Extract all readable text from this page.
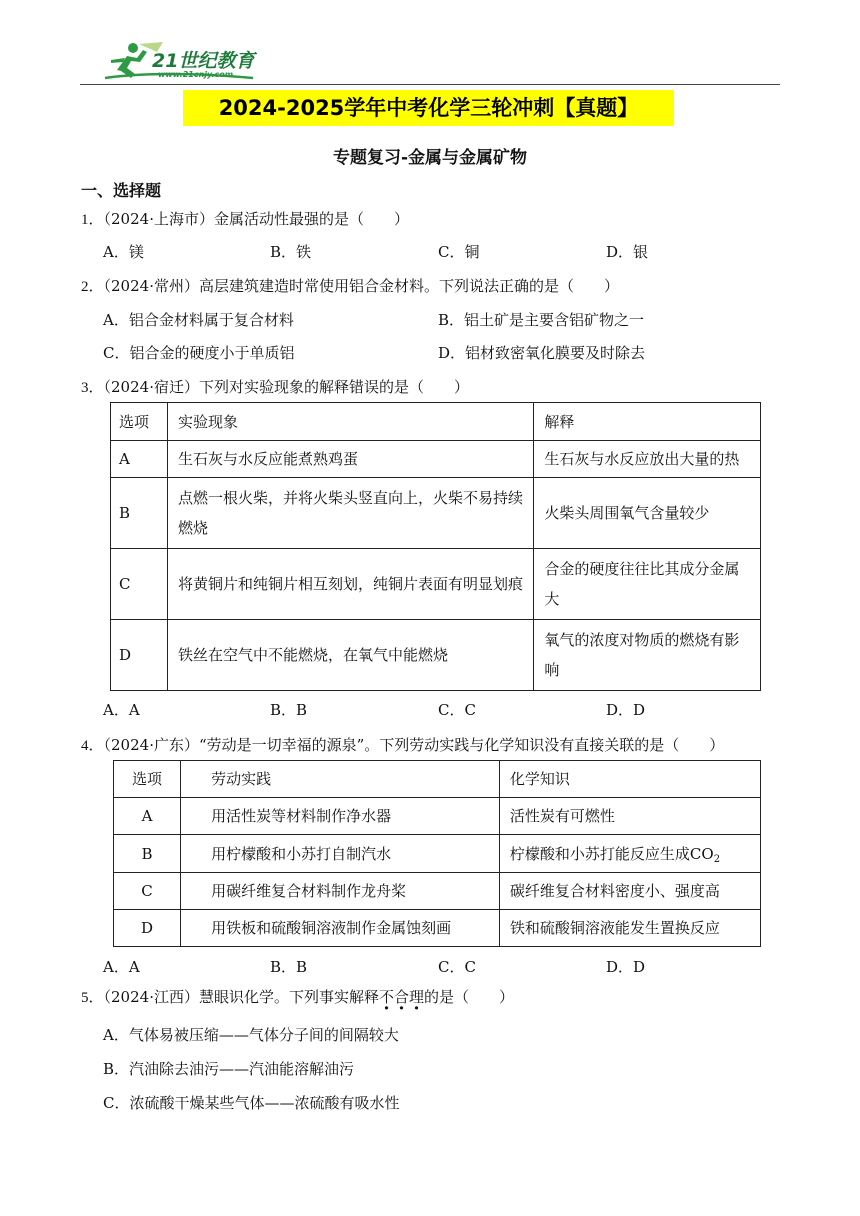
21世纪教育
www.21cnjy.com
2024-2025学年中考化学三轮冲刺【真题】
专题复习-金属与金属矿物
一、选择题
1．（2024·上海市）金属活动性最强的是（　　）
A．镁	B．铁	C．铜	D．银
2．（2024·常州）高层建筑建造时常使用铝合金材料。下列说法正确的是（　　）
A．铝合金材料属于复合材料	B．铝土矿是主要含铝矿物之一
C．铝合金的硬度小于单质铝	D．铝材致密氧化膜要及时除去
3．（2024·宿迁）下列对实验现象的解释错误的是（　　）
选项	实验现象	解释
A	生石灰与水反应能煮熟鸡蛋	生石灰与水反应放出大量的热
B	点燃一根火柴，并将火柴头竖直向上，火柴不易持续燃烧	火柴头周围氧气含量较少
C	将黄铜片和纯铜片相互刻划，纯铜片表面有明显划痕	合金的硬度往往比其成分金属大
D	铁丝在空气中不能燃烧，在氧气中能燃烧	氧气的浓度对物质的燃烧有影响
A．A	B．B	C．C	D．D
4．（2024·广东）“劳动是一切幸福的源泉”。下列劳动实践与化学知识没有直接关联的是（　　）
选项	劳动实践	化学知识
A	用活性炭等材料制作净水器	活性炭有可燃性
B	用柠檬酸和小苏打自制汽水	柠檬酸和小苏打能反应生成$CO_2$
C	用碳纤维复合材料制作龙舟桨	碳纤维复合材料密度小、强度高
D	用铁板和硫酸铜溶液制作金属蚀刻画	铁和硫酸铜溶液能发生置换反应
A．A	B．B	C．C	D．D
5．（2024·江西）慧眼识化学。下列事实解释不合理的是（　　）
A．气体易被压缩——气体分子间的间隔较大
B．汽油除去油污——汽油能溶解油污
C．浓硫酸干燥某些气体——浓硫酸有吸水性
